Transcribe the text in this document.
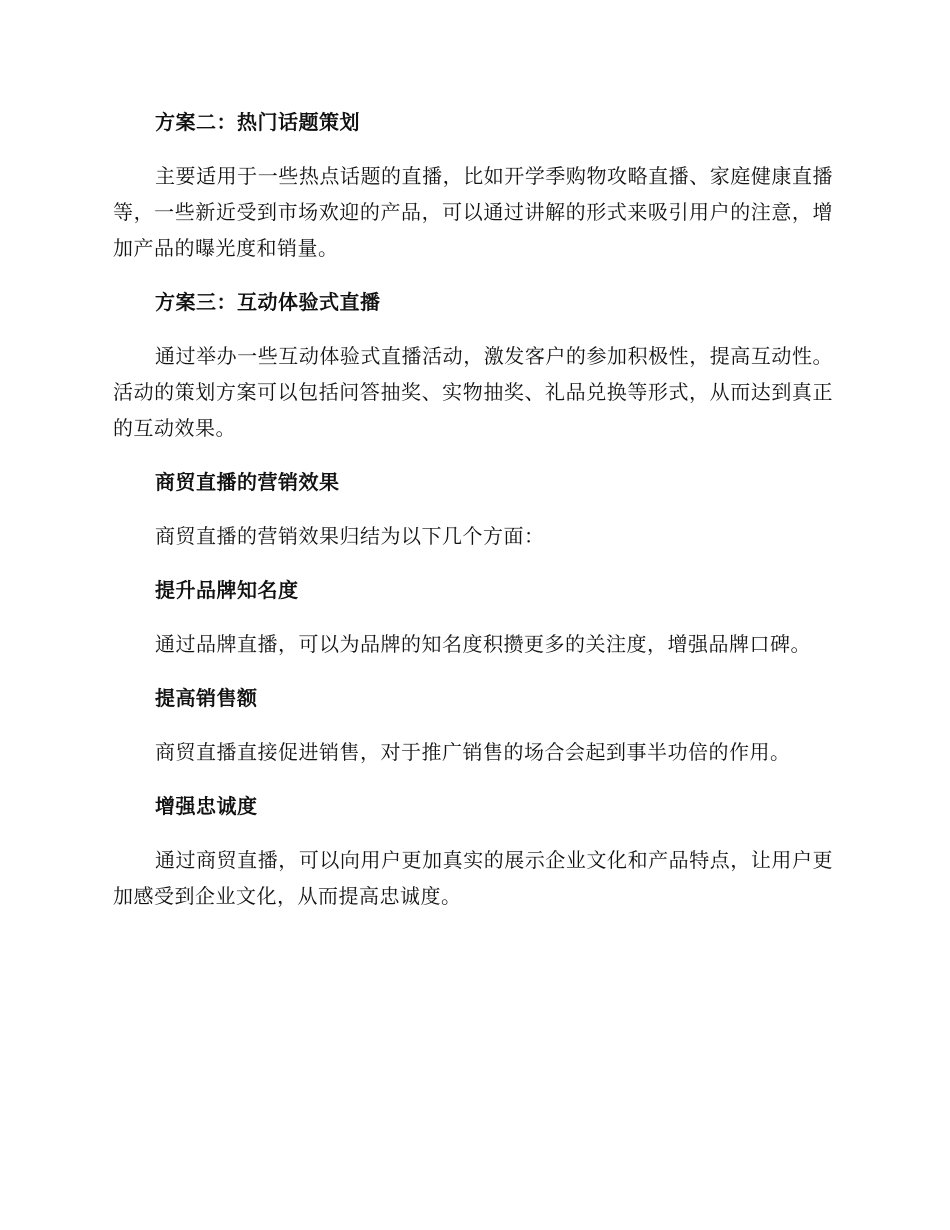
方案二：热门话题策划

主要适用于一些热点话题的直播，比如开学季购物攻略直播、家庭健康直播等，一些新近受到市场欢迎的产品，可以通过讲解的形式来吸引用户的注意，增加产品的曝光度和销量。

方案三：互动体验式直播

通过举办一些互动体验式直播活动，激发客户的参加积极性，提高互动性。活动的策划方案可以包括问答抽奖、实物抽奖、礼品兑换等形式，从而达到真正的互动效果。

商贸直播的营销效果

商贸直播的营销效果归结为以下几个方面：

提升品牌知名度

通过品牌直播，可以为品牌的知名度积攒更多的关注度，增强品牌口碑。

提高销售额

商贸直播直接促进销售，对于推广销售的场合会起到事半功倍的作用。

增强忠诚度

通过商贸直播，可以向用户更加真实的展示企业文化和产品特点，让用户更加感受到企业文化，从而提高忠诚度。
